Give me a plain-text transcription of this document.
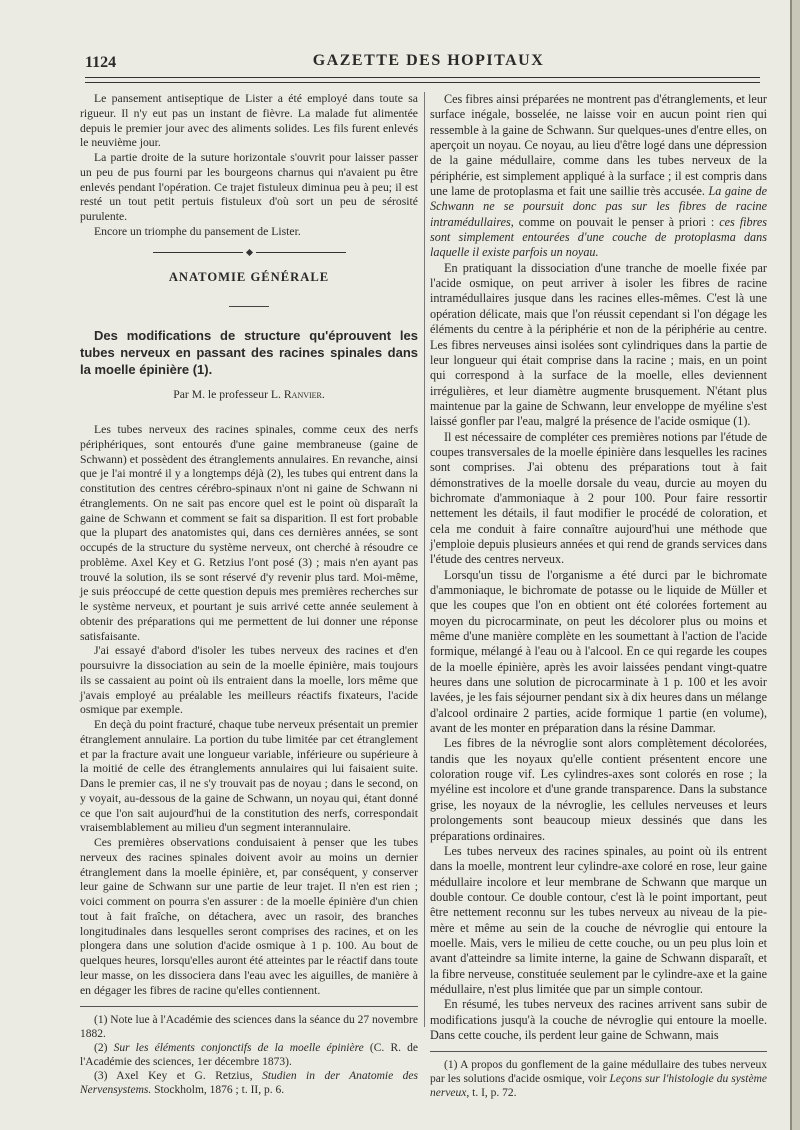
1124	GAZETTE DES HOPITAUX

Le pansement antiseptique de Lister a été employé dans toute sa rigueur. Il n'y eut pas un instant de fièvre. La malade fut alimentée depuis le premier jour avec des aliments solides. Les fils furent enlevés le neuvième jour.

La partie droite de la suture horizontale s'ouvrit pour laisser passer un peu de pus fourni par les bourgeons charnus qui n'avaient pu être enlevés pendant l'opération. Ce trajet fistuleux diminua peu à peu; il est resté un tout petit pertuis fistuleux d'où sort un peu de sérosité purulente.

Encore un triomphe du pansement de Lister.

ANATOMIE GÉNÉRALE

Des modifications de structure qu'éprouvent les tubes nerveux en passant des racines spinales dans la moelle épinière (1).

Par M. le professeur L. Ranvier.

Les tubes nerveux des racines spinales, comme ceux des nerfs périphériques, sont entourés d'une gaine membraneuse (gaine de Schwann) et possèdent des étranglements annulaires. En revanche, ainsi que je l'ai montré il y a longtemps déjà (2), les tubes qui entrent dans la constitution des centres cérébro-spinaux n'ont ni gaine de Schwann ni étranglements. On ne sait pas encore quel est le point où disparaît la gaine de Schwann et comment se fait sa disparition. Il est fort probable que la plupart des anatomistes qui, dans ces dernières années, se sont occupés de la structure du système nerveux, ont cherché à résoudre ce problème. Axel Key et G. Retzius l'ont posé (3) ; mais n'en ayant pas trouvé la solution, ils se sont réservé d'y revenir plus tard. Moi-même, je suis préoccupé de cette question depuis mes premières recherches sur le système nerveux, et pourtant je suis arrivé cette année seulement à obtenir des préparations qui me permettent de lui donner une réponse satisfaisante.

J'ai essayé d'abord d'isoler les tubes nerveux des racines et d'en poursuivre la dissociation au sein de la moelle épinière, mais toujours ils se cassaient au point où ils entraient dans la moelle, lors même que j'avais employé au préalable les meilleurs réactifs fixateurs, l'acide osmique par exemple.

En deçà du point fracturé, chaque tube nerveux présentait un premier étranglement annulaire. La portion du tube limitée par cet étranglement et par la fracture avait une longueur variable, inférieure ou supérieure à la moitié de celle des étranglements annulaires qui lui faisaient suite. Dans le premier cas, il ne s'y trouvait pas de noyau ; dans le second, on y voyait, au-dessous de la gaine de Schwann, un noyau qui, étant donné ce que l'on sait aujourd'hui de la constitution des nerfs, correspondait vraisemblablement au milieu d'un segment interannulaire.

Ces premières observations conduisaient à penser que les tubes nerveux des racines spinales doivent avoir au moins un dernier étranglement dans la moelle épinière, et, par conséquent, y conserver leur gaine de Schwann sur une partie de leur trajet. Il n'en est rien ; voici comment on pourra s'en assurer : de la moelle épinière d'un chien tout à fait fraîche, on détachera, avec un rasoir, des branches longitudinales dans lesquelles seront comprises des racines, et on les plongera dans une solution d'acide osmique à 1 p. 100. Au bout de quelques heures, lorsqu'elles auront été atteintes par le réactif dans toute leur masse, on les dissociera dans l'eau avec les aiguilles, de manière à en dégager les fibres de racine qu'elles contiennent.

(1) Note lue à l'Académie des sciences dans la séance du 27 novembre 1882.

(2) Sur les éléments conjonctifs de la moelle épinière (C. R. de l'Académie des sciences, 1er décembre 1873).

(3) Axel Key et G. Retzius, Studien in der Anatomie des Nervensystems. Stockholm, 1876 ; t. II, p. 6.

Ces fibres ainsi préparées ne montrent pas d'étranglements, et leur surface inégale, bosselée, ne laisse voir en aucun point rien qui ressemble à la gaine de Schwann. Sur quelques-unes d'entre elles, on aperçoit un noyau. Ce noyau, au lieu d'être logé dans une dépression de la gaine médullaire, comme dans les tubes nerveux de la périphérie, est simplement appliqué à la surface ; il est compris dans une lame de protoplasma et fait une saillie très accusée. La gaine de Schwann ne se poursuit donc pas sur les fibres de racine intramédullaires, comme on pouvait le penser à priori : ces fibres sont simplement entourées d'une couche de protoplasma dans laquelle il existe parfois un noyau.

En pratiquant la dissociation d'une tranche de moelle fixée par l'acide osmique, on peut arriver à isoler les fibres de racine intramédullaires jusque dans les racines elles-mêmes. C'est là une opération délicate, mais que l'on réussit cependant si l'on dégage les éléments du centre à la périphérie et non de la périphérie au centre. Les fibres nerveuses ainsi isolées sont cylindriques dans la partie de leur longueur qui était comprise dans la racine ; mais, en un point qui correspond à la surface de la moelle, elles deviennent irrégulières, et leur diamètre augmente brusquement. N'étant plus maintenue par la gaine de Schwann, leur enveloppe de myéline s'est laissé gonfler par l'eau, malgré la présence de l'acide osmique (1).

Il est nécessaire de compléter ces premières notions par l'étude de coupes transversales de la moelle épinière dans lesquelles les racines sont comprises. J'ai obtenu des préparations tout à fait démonstratives de la moelle dorsale du veau, durcie au moyen du bichromate d'ammoniaque à 2 pour 100. Pour faire ressortir nettement les détails, il faut modifier le procédé de coloration, et cela me conduit à faire connaître aujourd'hui une méthode que j'emploie depuis plusieurs années et qui rend de grands services dans l'étude des centres nerveux.

Lorsqu'un tissu de l'organisme a été durci par le bichromate d'ammoniaque, le bichromate de potasse ou le liquide de Müller et que les coupes que l'on en obtient ont été colorées fortement au moyen du picrocarminate, on peut les décolorer plus ou moins et même d'une manière complète en les soumettant à l'action de l'acide formique, mélangé à l'eau ou à l'alcool. En ce qui regarde les coupes de la moelle épinière, après les avoir laissées pendant vingt-quatre heures dans une solution de picrocarminate à 1 p. 100 et les avoir lavées, je les fais séjourner pendant six à dix heures dans un mélange d'alcool ordinaire 2 parties, acide formique 1 partie (en volume), avant de les monter en préparation dans la résine Dammar.

Les fibres de la névroglie sont alors complètement décolorées, tandis que les noyaux qu'elle contient présentent encore une coloration rouge vif. Les cylindres-axes sont colorés en rose ; la myéline est incolore et d'une grande transparence. Dans la substance grise, les noyaux de la névroglie, les cellules nerveuses et leurs prolongements sont beaucoup mieux dessinés que dans les préparations ordinaires.

Les tubes nerveux des racines spinales, au point où ils entrent dans la moelle, montrent leur cylindre-axe coloré en rose, leur gaine médullaire incolore et leur membrane de Schwann que marque un double contour. Ce double contour, c'est là le point important, peut être nettement reconnu sur les tubes nerveux au niveau de la pie-mère et même au sein de la couche de névroglie qui entoure la moelle. Mais, vers le milieu de cette couche, ou un peu plus loin et avant d'atteindre sa limite interne, la gaine de Schwann disparaît, et la fibre nerveuse, constituée seulement par le cylindre-axe et la gaine médullaire, n'est plus limitée que par un simple contour.

En résumé, les tubes nerveux des racines arrivent sans subir de modifications jusqu'à la couche de névroglie qui entoure la moelle. Dans cette couche, ils perdent leur gaine de Schwann, mais

(1) A propos du gonflement de la gaine médullaire des tubes nerveux par les solutions d'acide osmique, voir Leçons sur l'histologie du système nerveux, t. I, p. 72.
